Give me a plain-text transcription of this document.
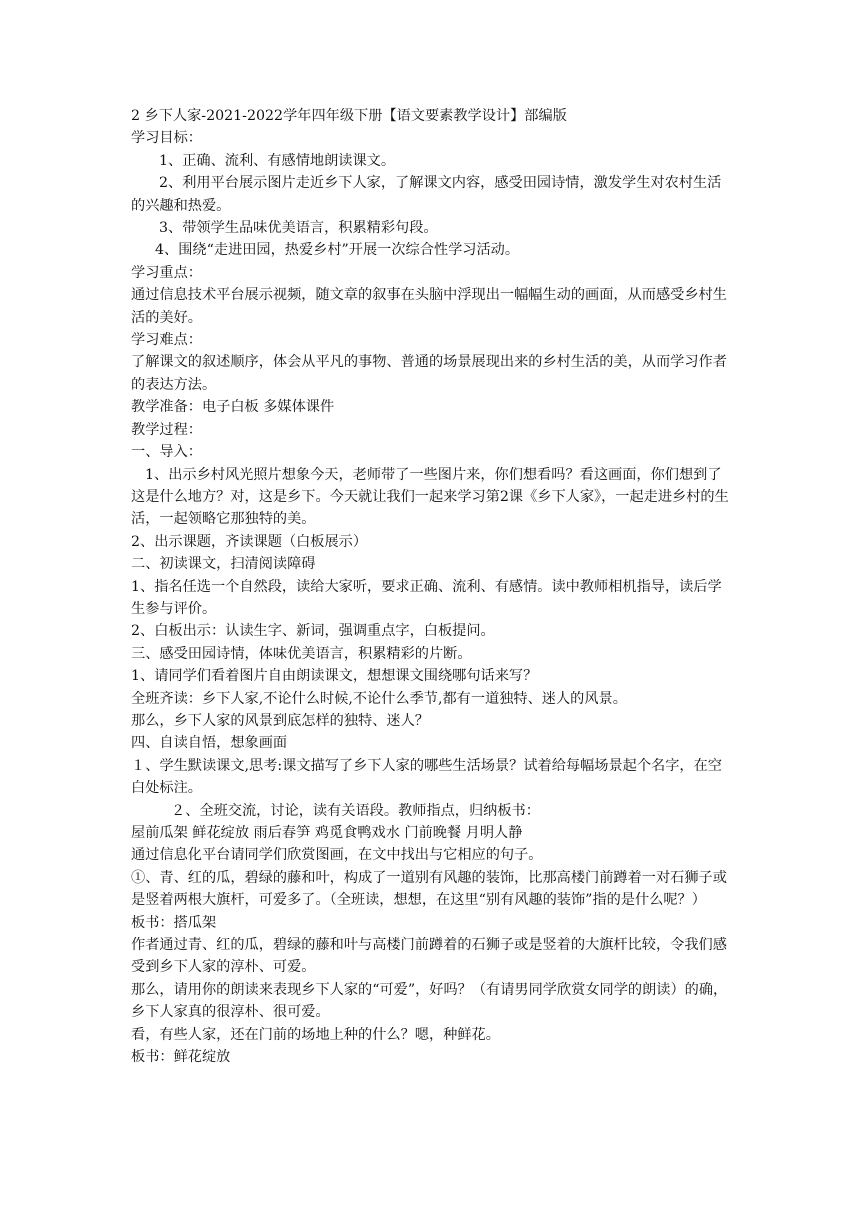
2 乡下人家-2021-2022学年四年级下册【语文要素教学设计】部编版

学习目标：

1、正确、流利、有感情地朗读课文。

2、利用平台展示图片走近乡下人家，了解课文内容，感受田园诗情，激发学生对农村生活的兴趣和热爱。

3、带领学生品味优美语言，积累精彩句段。

4、围绕“走进田园，热爱乡村”开展一次综合性学习活动。

学习重点：

通过信息技术平台展示视频，随文章的叙事在头脑中浮现出一幅幅生动的画面，从而感受乡村生活的美好。

学习难点：

了解课文的叙述顺序，体会从平凡的事物、普通的场景展现出来的乡村生活的美，从而学习作者的表达方法。

教学准备：电子白板 多媒体课件

教学过程：

一、导入：

1、出示乡村风光照片想象今天，老师带了一些图片来，你们想看吗？看这画面，你们想到了这是什么地方？对，这是乡下。今天就让我们一起来学习第2课《乡下人家》，一起走进乡村的生活，一起领略它那独特的美。

2、出示课题，齐读课题（白板展示）

二、初读课文，扫清阅读障碍

1、指名任选一个自然段，读给大家听，要求正确、流利、有感情。读中教师相机指导，读后学生参与评价。

2、白板出示：认读生字、新词，强调重点字，白板提问。

三、感受田园诗情，体味优美语言，积累精彩的片断。

1、请同学们看着图片自由朗读课文，想想课文围绕哪句话来写？

全班齐读：乡下人家,不论什么时候,不论什么季节,都有一道独特、迷人的风景。

那么，乡下人家的风景到底怎样的独特、迷人？

四、自读自悟，想象画面

１、学生默读课文,思考:课文描写了乡下人家的哪些生活场景？试着给每幅场景起个名字，在空白处标注。

２、全班交流，讨论，读有关语段。教师指点，归纳板书：

屋前瓜架 鲜花绽放 雨后春笋 鸡觅食鸭戏水 门前晚餐 月明人静

通过信息化平台请同学们欣赏图画，在文中找出与它相应的句子。

①、青、红的瓜，碧绿的藤和叶，构成了一道别有风趣的装饰，比那高楼门前蹲着一对石狮子或是竖着两根大旗杆，可爱多了。（全班读，想想，在这里“别有风趣的装饰”指的是什么呢？）

板书：搭瓜架

作者通过青、红的瓜，碧绿的藤和叶与高楼门前蹲着的石狮子或是竖着的大旗杆比较，令我们感受到乡下人家的淳朴、可爱。

那么，请用你的朗读来表现乡下人家的“可爱”，好吗？（有请男同学欣赏女同学的朗读）的确，乡下人家真的很淳朴、很可爱。

看，有些人家，还在门前的场地上种的什么？嗯，种鲜花。

板书：鲜花绽放
